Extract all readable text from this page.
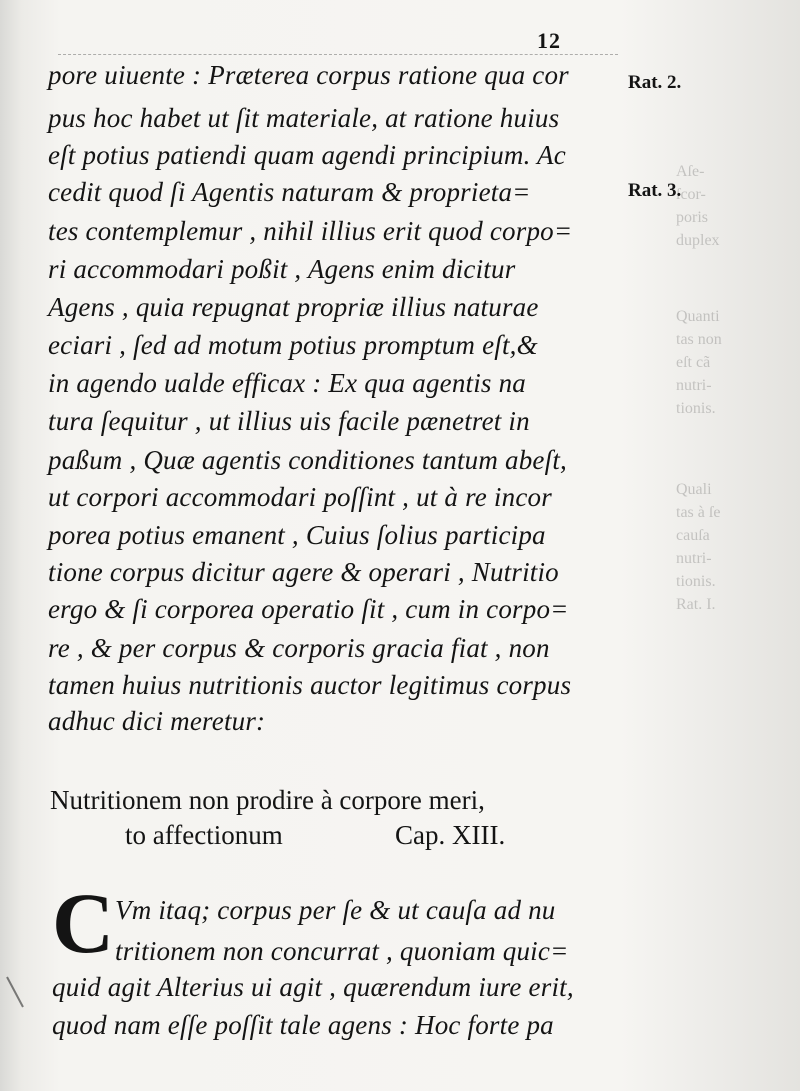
Aſe-
ſcor-
poris
duplex
Quanti
tas non
eſt cã
nutri-
tionis.
Quali
tas à ſe
cauſa
nutri-
tionis.
Rat. I.
12
pore uiuente : Prætereа corpus ratione qua cor
pus hoc habet ut ſit materiale, at ratione huius
eſt potius patiendi quam agendi principium. Ac
cedit quod ſi Agentis naturam & proprieta=
tes contemplemur , nihil illius erit quod corpo=
ri accommodari poßit , Agens enim dicitur
Agens , quia repugnat propriæ illius naturae
eciari , ſed ad motum potius promptum eſt,&
in agendo ualde efficax : Ex qua agentis na
tura ſequitur , ut illius uis facile pænetret in
paßum , Quæ agentis conditiones tantum abeſt,
ut corpori accommodari poſſint , ut à re incor
porea potius emanent , Cuius ſolius participa
tione corpus dicitur agere & operari , Nutritio
ergo & ſi corporea operatio ſit , cum in corpo=
re , & per corpus & corporis gracia fiat , non
tamen huius nutritionis auctor legitimus corpus
adhuc dici meretur:
Rat. 2.
Rat. 3.
Nutritionem non prodire à corpore meri,
to affectionum	Cap. XIII.
C Vm itaq; corpus per ſe & ut cauſa ad nu
tritionem non concurrat , quoniam quic=
quid agit Alterius ui agit , quærendum iure erit,
quod nam eſſe poſſit tale agens : Hoc forte pa
